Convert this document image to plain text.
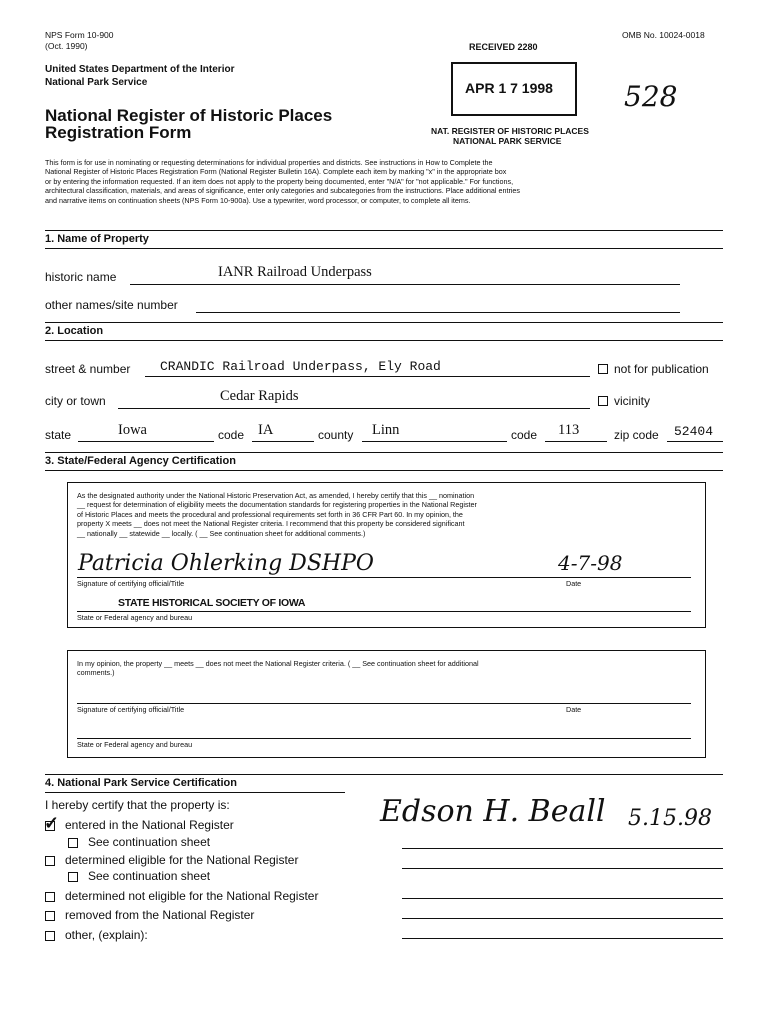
NPS Form 10-900
(Oct. 1990)
OMB No. 10024-0018
United States Department of the Interior
National Park Service
National Register of Historic Places
Registration Form
RECEIVED 2280
APR 1 7 1998
NAT. REGISTER OF HISTORIC PLACES
NATIONAL PARK SERVICE
528
This form is for use in nominating or requesting determinations for individual properties and districts. See instructions in How to Complete the
National Register of Historic Places Registration Form (National Register Bulletin 16A). Complete each item by marking "x" in the appropriate box
or by entering the information requested. If an item does not apply to the property being documented, enter "N/A" for "not applicable." For functions,
architectural classification, materials, and areas of significance, enter only categories and subcategories from the instructions. Place additional entries
and narrative items on continuation sheets (NPS Form 10-900a). Use a typewriter, word processor, or computer, to complete all items.
1. Name of Property
historic name	IANR Railroad Underpass
other names/site number
2. Location
street & number CRANDIC Railroad Underpass, Ely Road	not for publication
city or town	Cedar Rapids	vicinity
state	Iowa	code IA	county Linn	code 113	zip code 52404
3. State/Federal Agency Certification
As the designated authority under the National Historic Preservation Act, as amended, I hereby certify that this __ nomination
__ request for determination of eligibility meets the documentation standards for registering properties in the National Register
of Historic Places and meets the procedural and professional requirements set forth in 36 CFR Part 60. In my opinion, the
property X meets __ does not meet the National Register criteria. I recommend that this property be considered significant
__ nationally __ statewide __ locally. ( __ See continuation sheet for additional comments.)
Patricia Ohlerking DSHPO	4-7-98
Signature of certifying official/Title	Date
STATE HISTORICAL SOCIETY OF IOWA
State or Federal agency and bureau
In my opinion, the property __ meets __ does not meet the National Register criteria. ( __ See continuation sheet for additional
comments.)
Signature of certifying official/Title	Date
State or Federal agency and bureau
4. National Park Service Certification
I hereby certify that the property is:
✓ entered in the National Register
See continuation sheet
determined eligible for the National Register
See continuation sheet
determined not eligible for the National Register
removed from the National Register
other, (explain):
Edson H. Beall 5.15.98
